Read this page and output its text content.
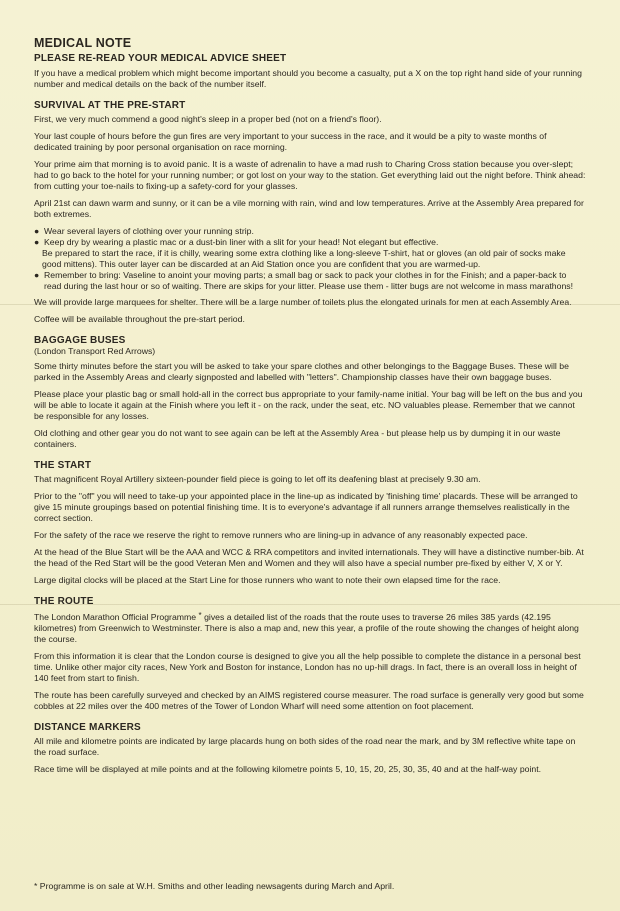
MEDICAL NOTE
PLEASE RE-READ YOUR MEDICAL ADVICE SHEET

If you have a medical problem which might become important should you become a casualty, put a X on the top right hand side of your running number and medical details on the back of the number itself.

SURVIVAL AT THE PRE-START

First, we very much commend a good night's sleep in a proper bed (not on a friend's floor).

Your last couple of hours before the gun fires are very important to your success in the race, and it would be a pity to waste months of dedicated training by poor personal organisation on race morning.

Your prime aim that morning is to avoid panic. It is a waste of adrenalin to have a mad rush to Charing Cross station because you over-slept; had to go back to the hotel for your running number; or got lost on your way to the station. Get everything laid out the night before. Think ahead: from cutting your toe-nails to fixing-up a safety-cord for your glasses.

April 21st can dawn warm and sunny, or it can be a vile morning with rain, wind and low temperatures. Arrive at the Assembly Area prepared for both extremes.

● Wear several layers of clothing over your running strip.
● Keep dry by wearing a plastic mac or a dust-bin liner with a slit for your head! Not elegant but effective.

Be prepared to start the race, if it is chilly, wearing some extra clothing like a long-sleeve T-shirt, hat or gloves (an old pair of socks make good mittens). This outer layer can be discarded at an Aid Station once you are confident that you are warmed-up.

● Remember to bring: Vaseline to anoint your moving parts; a small bag or sack to pack your clothes in for the Finish; and a paper-back to read during the last hour or so of waiting. There are skips for your litter. Please use them - litter bugs are not welcome in mass marathons!

We will provide large marquees for shelter. There will be a large number of toilets plus the elongated urinals for men at each Assembly Area.

Coffee will be available throughout the pre-start period.

BAGGAGE BUSES

(London Transport Red Arrows)

Some thirty minutes before the start you will be asked to take your spare clothes and other belongings to the Baggage Buses. These will be parked in the Assembly Areas and clearly signposted and labelled with "letters". Championship classes have their own baggage buses.

Please place your plastic bag or small hold-all in the correct bus appropriate to your family-name initial. Your bag will be left on the bus and you will be able to locate it again at the Finish where you left it - on the rack, under the seat, etc. NO valuables please. Remember that we cannot be responsible for any losses.

Old clothing and other gear you do not want to see again can be left at the Assembly Area - but please help us by dumping it in our waste containers.

THE START

That magnificent Royal Artillery sixteen-pounder field piece is going to let off its deafening blast at precisely 9.30 am.

Prior to the "off" you will need to take-up your appointed place in the line-up as indicated by 'finishing time' placards. These will be arranged to give 15 minute groupings based on potential finishing time. It is to everyone's advantage if all runners arrange themselves realistically in the correct section.

For the safety of the race we reserve the right to remove runners who are lining-up in advance of any reasonably expected pace.

At the head of the Blue Start will be the AAA and WCC & RRA competitors and invited internationals. They will have a distinctive number-bib. At the head of the Red Start will be the good Veteran Men and Women and they will also have a special number pre-fixed by either V, X or Y.

Large digital clocks will be placed at the Start Line for those runners who want to note their own elapsed time for the race.

THE ROUTE

The London Marathon Official Programme * gives a detailed list of the roads that the route uses to traverse 26 miles 385 yards (42.195 kilometres) from Greenwich to Westminster. There is also a map and, new this year, a profile of the route showing the changes of height along the course.

From this information it is clear that the London course is designed to give you all the help possible to complete the distance in a personal best time. Unlike other major city races, New York and Boston for instance, London has no up-hill drags. In fact, there is an overall loss in height of 140 feet from start to finish.

The route has been carefully surveyed and checked by an AIMS registered course measurer. The road surface is generally very good but some cobbles at 22 miles over the 400 metres of the Tower of London Wharf will need some attention on foot placement.

DISTANCE MARKERS

All mile and kilometre points are indicated by large placards hung on both sides of the road near the mark, and by 3M reflective white tape on the road surface.

Race time will be displayed at mile points and at the following kilometre points 5, 10, 15, 20, 25, 30, 35, 40 and at the half-way point.

* Programme is on sale at W.H. Smiths and other leading newsagents during March and April.
